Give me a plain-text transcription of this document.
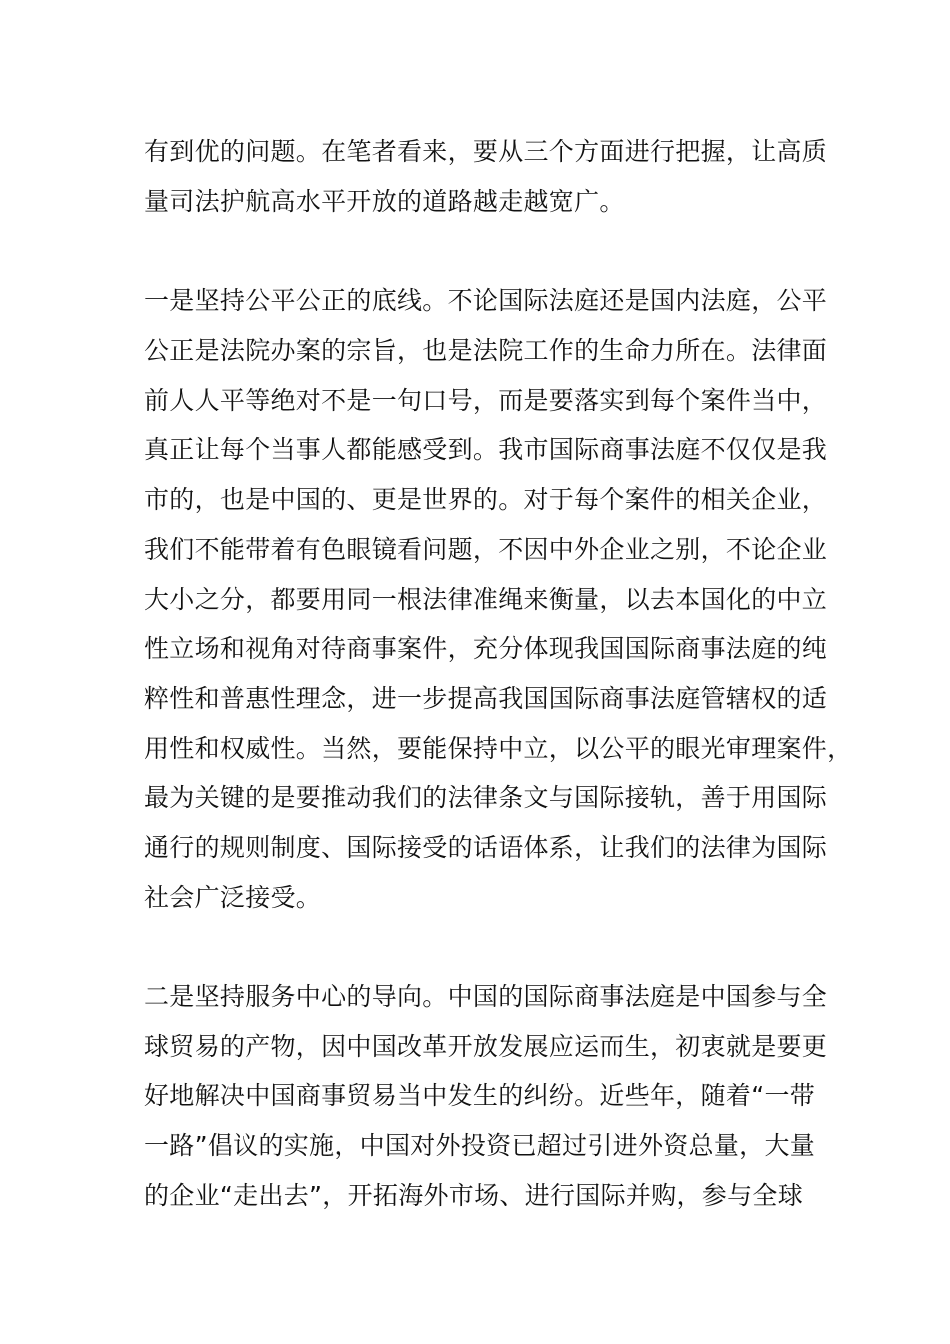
有到优的问题。在笔者看来，要从三个方面进行把握，让高质
量司法护航高水平开放的道路越走越宽广。
一是坚持公平公正的底线。不论国际法庭还是国内法庭，公平
公正是法院办案的宗旨，也是法院工作的生命力所在。法律面
前人人平等绝对不是一句口号，而是要落实到每个案件当中，
真正让每个当事人都能感受到。我市国际商事法庭不仅仅是我
市的，也是中国的、更是世界的。对于每个案件的相关企业，
我们不能带着有色眼镜看问题，不因中外企业之别，不论企业
大小之分，都要用同一根法律准绳来衡量，以去本国化的中立
性立场和视角对待商事案件，充分体现我国国际商事法庭的纯
粹性和普惠性理念，进一步提高我国国际商事法庭管辖权的适
用性和权威性。当然，要能保持中立，以公平的眼光审理案件，
最为关键的是要推动我们的法律条文与国际接轨，善于用国际
通行的规则制度、国际接受的话语体系，让我们的法律为国际
社会广泛接受。
二是坚持服务中心的导向。中国的国际商事法庭是中国参与全
球贸易的产物，因中国改革开放发展应运而生，初衷就是要更
好地解决中国商事贸易当中发生的纠纷。近些年，随着“一带
一路”倡议的实施，中国对外投资已超过引进外资总量，大量
的企业“走出去”，开拓海外市场、进行国际并购，参与全球
